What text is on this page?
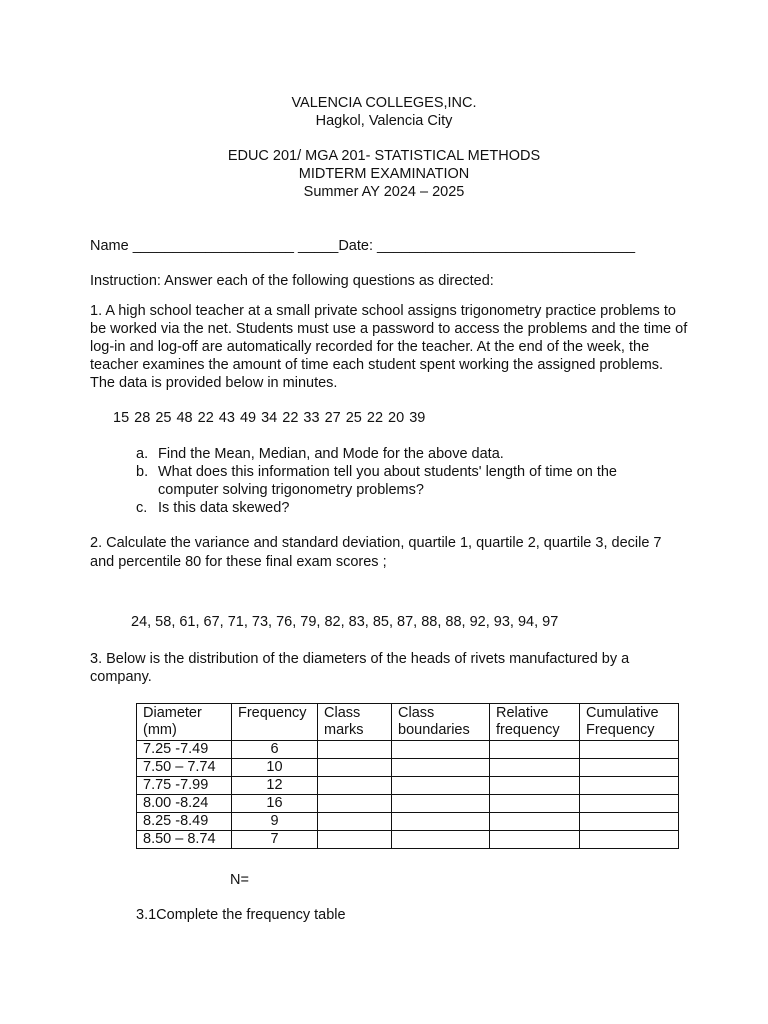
VALENCIA COLLEGES,INC.
Hagkol, Valencia City
EDUC 201/ MGA 201- STATISTICAL METHODS
MIDTERM EXAMINATION
Summer AY 2024 – 2025
Name ____________________ _____Date: ________________________________
Instruction: Answer each of the following questions as directed:

1. A high school teacher at a small private school assigns trigonometry practice problems to be worked via the net. Students must use a password to access the problems and the time of log-in and log-off are automatically recorded for the teacher. At the end of the week, the teacher examines the amount of time each student spent working the assigned problems. The data is provided below in minutes.

15 28 25 48 22 43 49 34 22 33 27 25 22 20 39
a. Find the Mean, Median, and Mode for the above data.
b. What does this information tell you about students' length of time on the computer solving trigonometry problems?
c. Is this data skewed?

2. Calculate the variance and standard deviation, quartile 1, quartile 2, quartile 3, decile 7 and percentile 80 for these final exam scores ;

24, 58, 61, 67, 71, 73, 76, 79, 82, 83, 85, 87, 88, 88, 92, 93, 94, 97

3. Below is the distribution of the diameters of the heads of rivets manufactured by a company.

Diameter (mm)	Frequency	Class marks	Class boundaries	Relative frequency	Cumulative Frequency
7.25 -7.49	6				
7.50 – 7.74	10				
7.75 -7.99	12				
8.00 -8.24	16				
8.25 -8.49	9				
8.50 – 8.74	7				
N=
3.1Complete the frequency table
